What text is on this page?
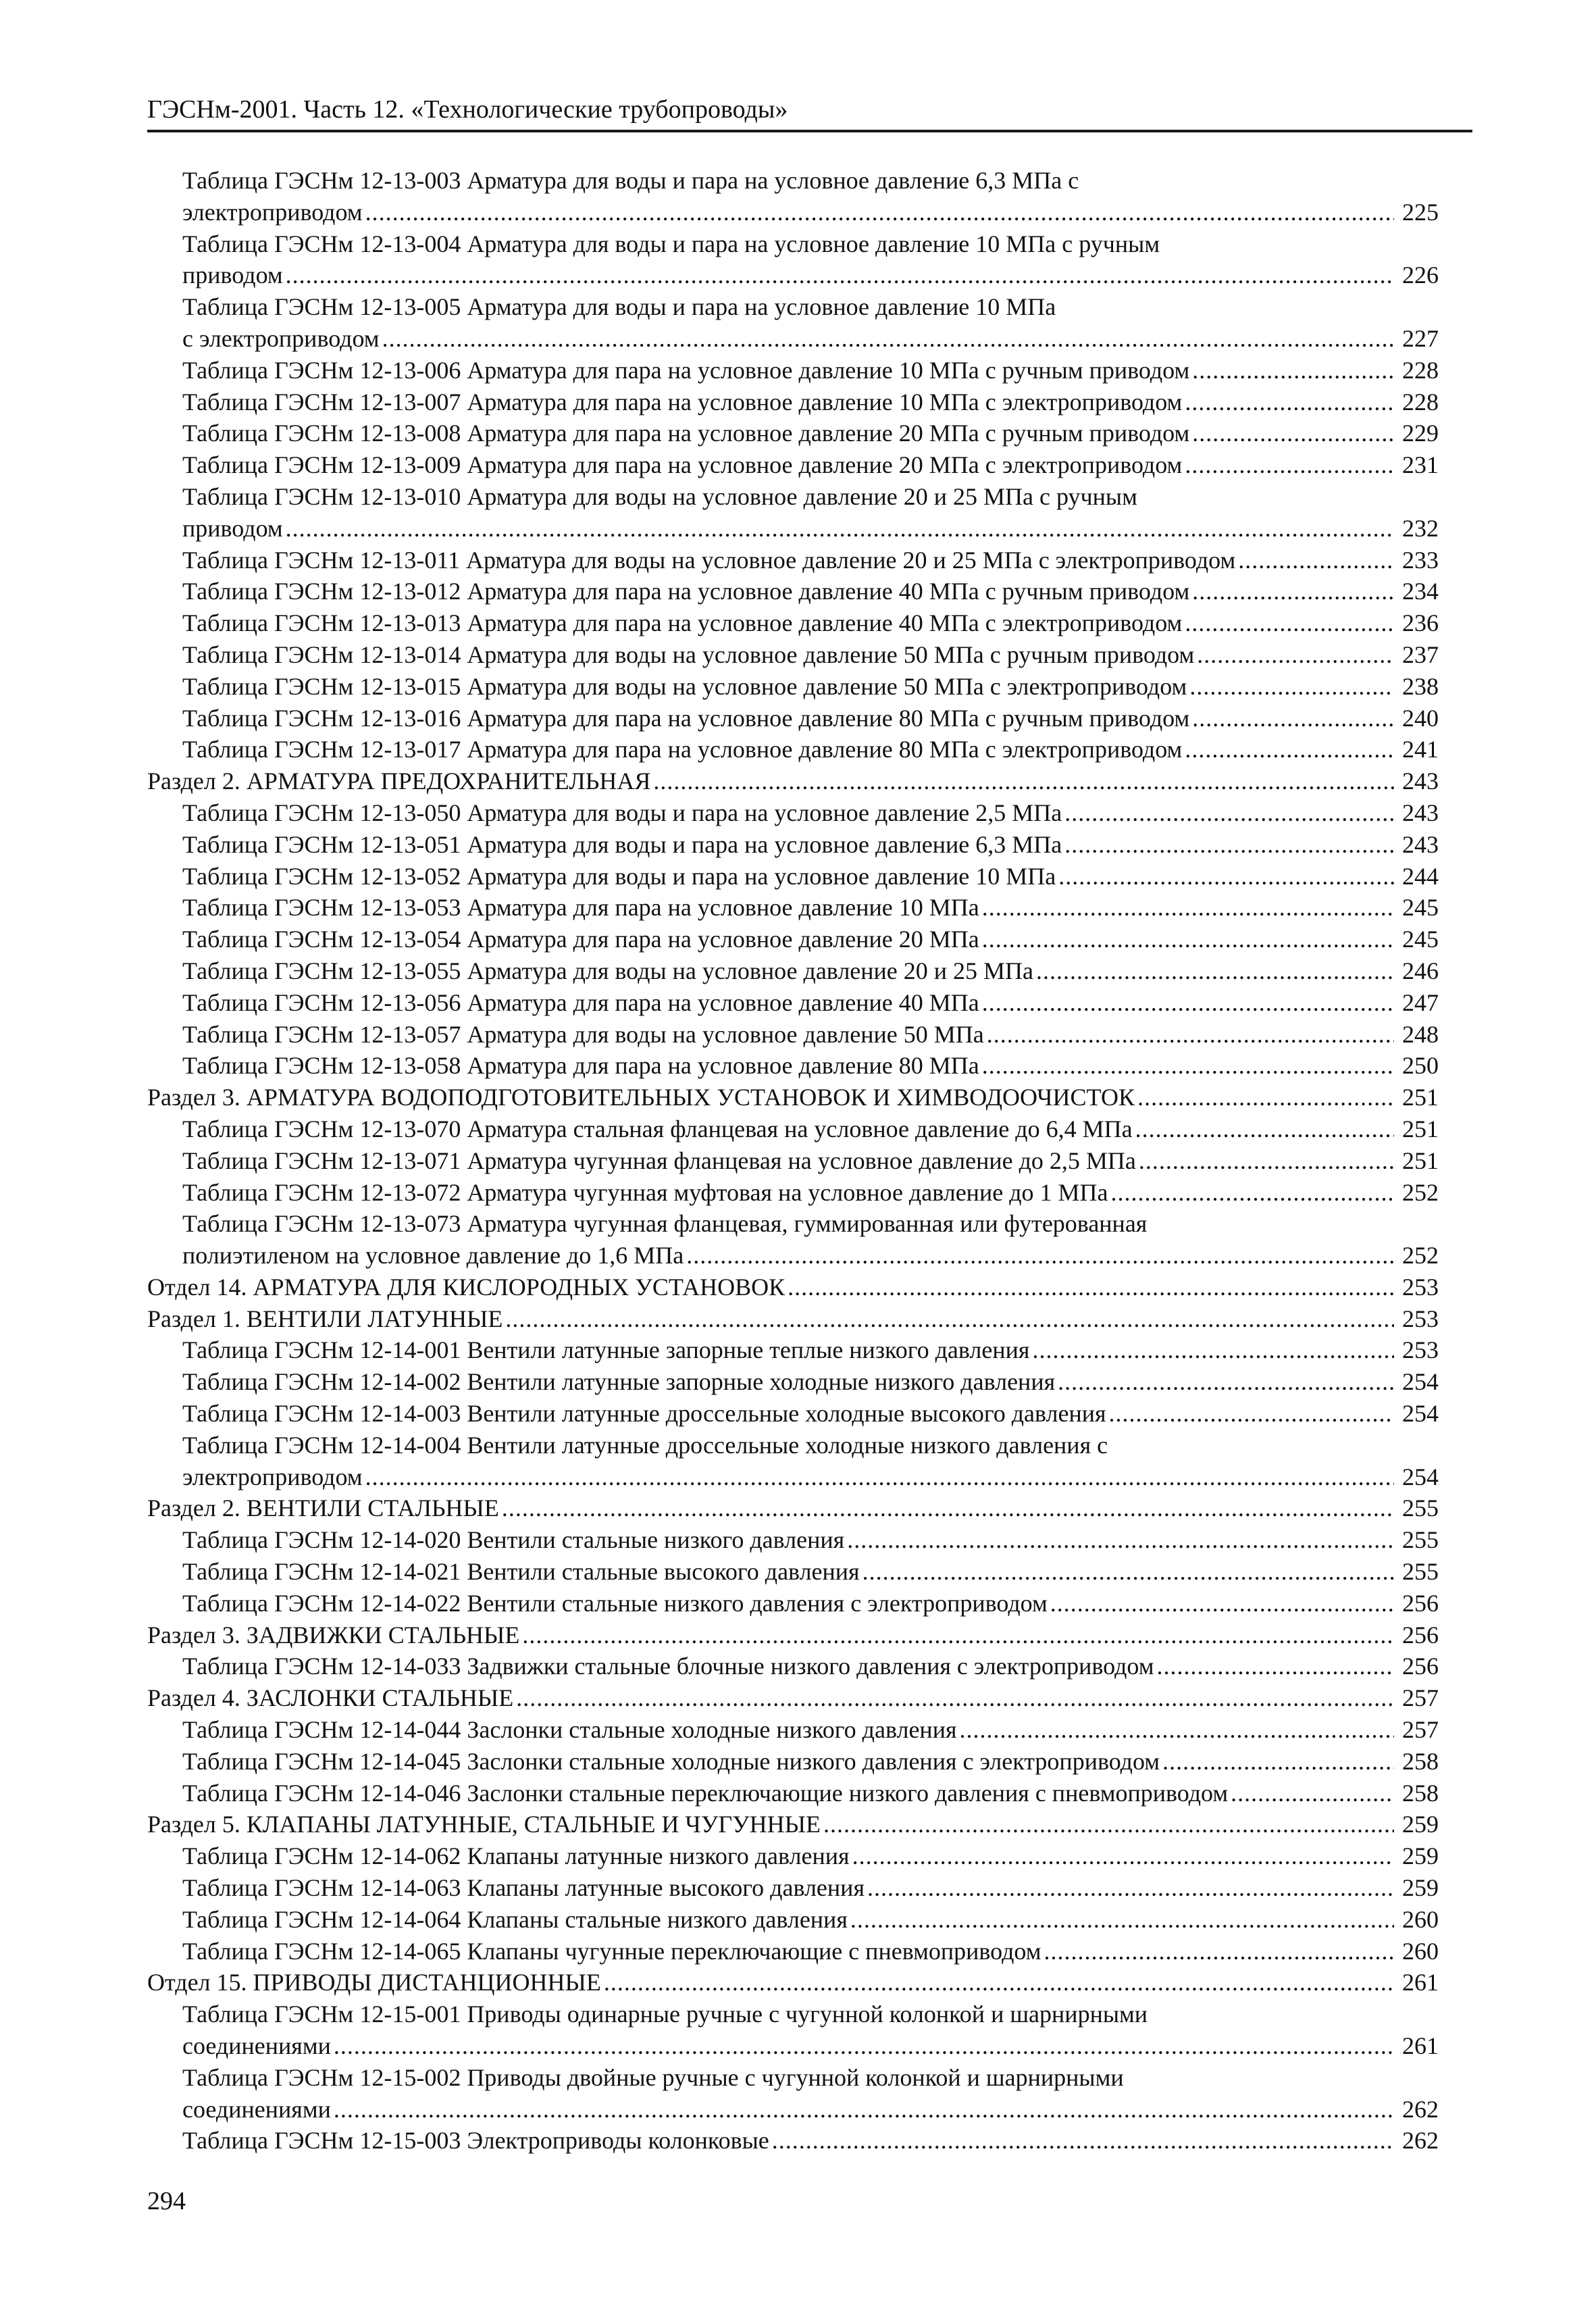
ГЭСНм-2001. Часть 12. «Технологические трубопроводы»
Таблица ГЭСНм 12-13-003 Арматура для воды и пара на условное давление 6,3 МПа с
электроприводом .....	225
Таблица ГЭСНм 12-13-004 Арматура для воды и пара на условное давление 10 МПа с ручным
приводом .....	226
Таблица ГЭСНм 12-13-005 Арматура для воды и пара на условное давление 10 МПа
с электроприводом .....	227
Таблица ГЭСНм 12-13-006 Арматура для пара на условное давление 10 МПа с ручным приводом .....	228
Таблица ГЭСНм 12-13-007 Арматура для пара на условное давление 10 МПа с электроприводом .....	228
Таблица ГЭСНм 12-13-008 Арматура для пара на условное давление 20 МПа с ручным приводом .....	229
Таблица ГЭСНм 12-13-009 Арматура для пара на условное давление 20 МПа с электроприводом .....	231
Таблица ГЭСНм 12-13-010 Арматура для воды на условное давление 20 и 25 МПа с ручным
приводом .....	232
Таблица ГЭСНм 12-13-011 Арматура для воды на условное давление 20 и 25 МПа с электроприводом .....	233
Таблица ГЭСНм 12-13-012 Арматура для пара на условное давление 40 МПа с ручным приводом .....	234
Таблица ГЭСНм 12-13-013 Арматура для пара на условное давление 40 МПа с электроприводом .....	236
Таблица ГЭСНм 12-13-014 Арматура для воды на условное давление 50 МПа с ручным приводом .....	237
Таблица ГЭСНм 12-13-015 Арматура для воды на условное давление 50 МПа с электроприводом .....	238
Таблица ГЭСНм 12-13-016 Арматура для пара на условное давление 80 МПа с ручным приводом .....	240
Таблица ГЭСНм 12-13-017 Арматура для пара на условное давление 80 МПа с электроприводом .....	241
Раздел 2. АРМАТУРА ПРЕДОХРАНИТЕЛЬНАЯ .....	243
Таблица ГЭСНм 12-13-050 Арматура для воды и пара на условное давление 2,5 МПа .....	243
Таблица ГЭСНм 12-13-051 Арматура для воды и пара на условное давление 6,3 МПа .....	243
Таблица ГЭСНм 12-13-052 Арматура для воды и пара на условное давление 10 МПа .....	244
Таблица ГЭСНм 12-13-053 Арматура для пара на условное давление 10 МПа .....	245
Таблица ГЭСНм 12-13-054 Арматура для пара на условное давление 20 МПа .....	245
Таблица ГЭСНм 12-13-055 Арматура для воды на условное давление 20 и 25 МПа .....	246
Таблица ГЭСНм 12-13-056 Арматура для пара на условное давление 40 МПа .....	247
Таблица ГЭСНм 12-13-057 Арматура для воды на условное давление 50 МПа .....	248
Таблица ГЭСНм 12-13-058 Арматура для пара на условное давление 80 МПа .....	250
Раздел 3. АРМАТУРА ВОДОПОДГОТОВИТЕЛЬНЫХ УСТАНОВОК И ХИМВОДООЧИСТОК .....	251
Таблица ГЭСНм 12-13-070 Арматура стальная фланцевая на условное давление до 6,4 МПа .....	251
Таблица ГЭСНм 12-13-071 Арматура чугунная фланцевая на условное давление до 2,5 МПа .....	251
Таблица ГЭСНм 12-13-072 Арматура чугунная муфтовая на условное давление до 1 МПа .....	252
Таблица ГЭСНм 12-13-073 Арматура чугунная фланцевая, гуммированная или футерованная
полиэтиленом на условное давление до 1,6 МПа .....	252
Отдел 14. АРМАТУРА ДЛЯ КИСЛОРОДНЫХ УСТАНОВОК .....	253
Раздел 1. ВЕНТИЛИ ЛАТУННЫЕ .....	253
Таблица ГЭСНм 12-14-001 Вентили латунные запорные теплые низкого давления .....	253
Таблица ГЭСНм 12-14-002 Вентили латунные запорные холодные низкого давления .....	254
Таблица ГЭСНм 12-14-003 Вентили латунные дроссельные холодные высокого давления .....	254
Таблица ГЭСНм 12-14-004 Вентили латунные дроссельные холодные низкого давления с
электроприводом .....	254
Раздел 2. ВЕНТИЛИ СТАЛЬНЫЕ .....	255
Таблица ГЭСНм 12-14-020 Вентили стальные низкого давления .....	255
Таблица ГЭСНм 12-14-021 Вентили стальные высокого давления .....	255
Таблица ГЭСНм 12-14-022 Вентили стальные низкого давления с электроприводом .....	256
Раздел 3. ЗАДВИЖКИ СТАЛЬНЫЕ .....	256
Таблица ГЭСНм 12-14-033 Задвижки стальные блочные низкого давления с электроприводом .....	256
Раздел 4. ЗАСЛОНКИ СТАЛЬНЫЕ .....	257
Таблица ГЭСНм 12-14-044 Заслонки стальные холодные низкого давления .....	257
Таблица ГЭСНм 12-14-045 Заслонки стальные холодные низкого давления с электроприводом .....	258
Таблица ГЭСНм 12-14-046 Заслонки стальные переключающие низкого давления с пневмоприводом .....	258
Раздел 5. КЛАПАНЫ ЛАТУННЫЕ, СТАЛЬНЫЕ И ЧУГУННЫЕ .....	259
Таблица ГЭСНм 12-14-062 Клапаны латунные низкого давления .....	259
Таблица ГЭСНм 12-14-063 Клапаны латунные высокого давления .....	259
Таблица ГЭСНм 12-14-064 Клапаны стальные низкого давления .....	260
Таблица ГЭСНм 12-14-065 Клапаны чугунные переключающие с пневмоприводом .....	260
Отдел 15. ПРИВОДЫ ДИСТАНЦИОННЫЕ .....	261
Таблица ГЭСНм 12-15-001 Приводы одинарные ручные с чугунной колонкой и шарнирными
соединениями .....	261
Таблица ГЭСНм 12-15-002 Приводы двойные ручные с чугунной колонкой и шарнирными
соединениями .....	262
Таблица ГЭСНм 12-15-003 Электроприводы колонковые .....	262
294
